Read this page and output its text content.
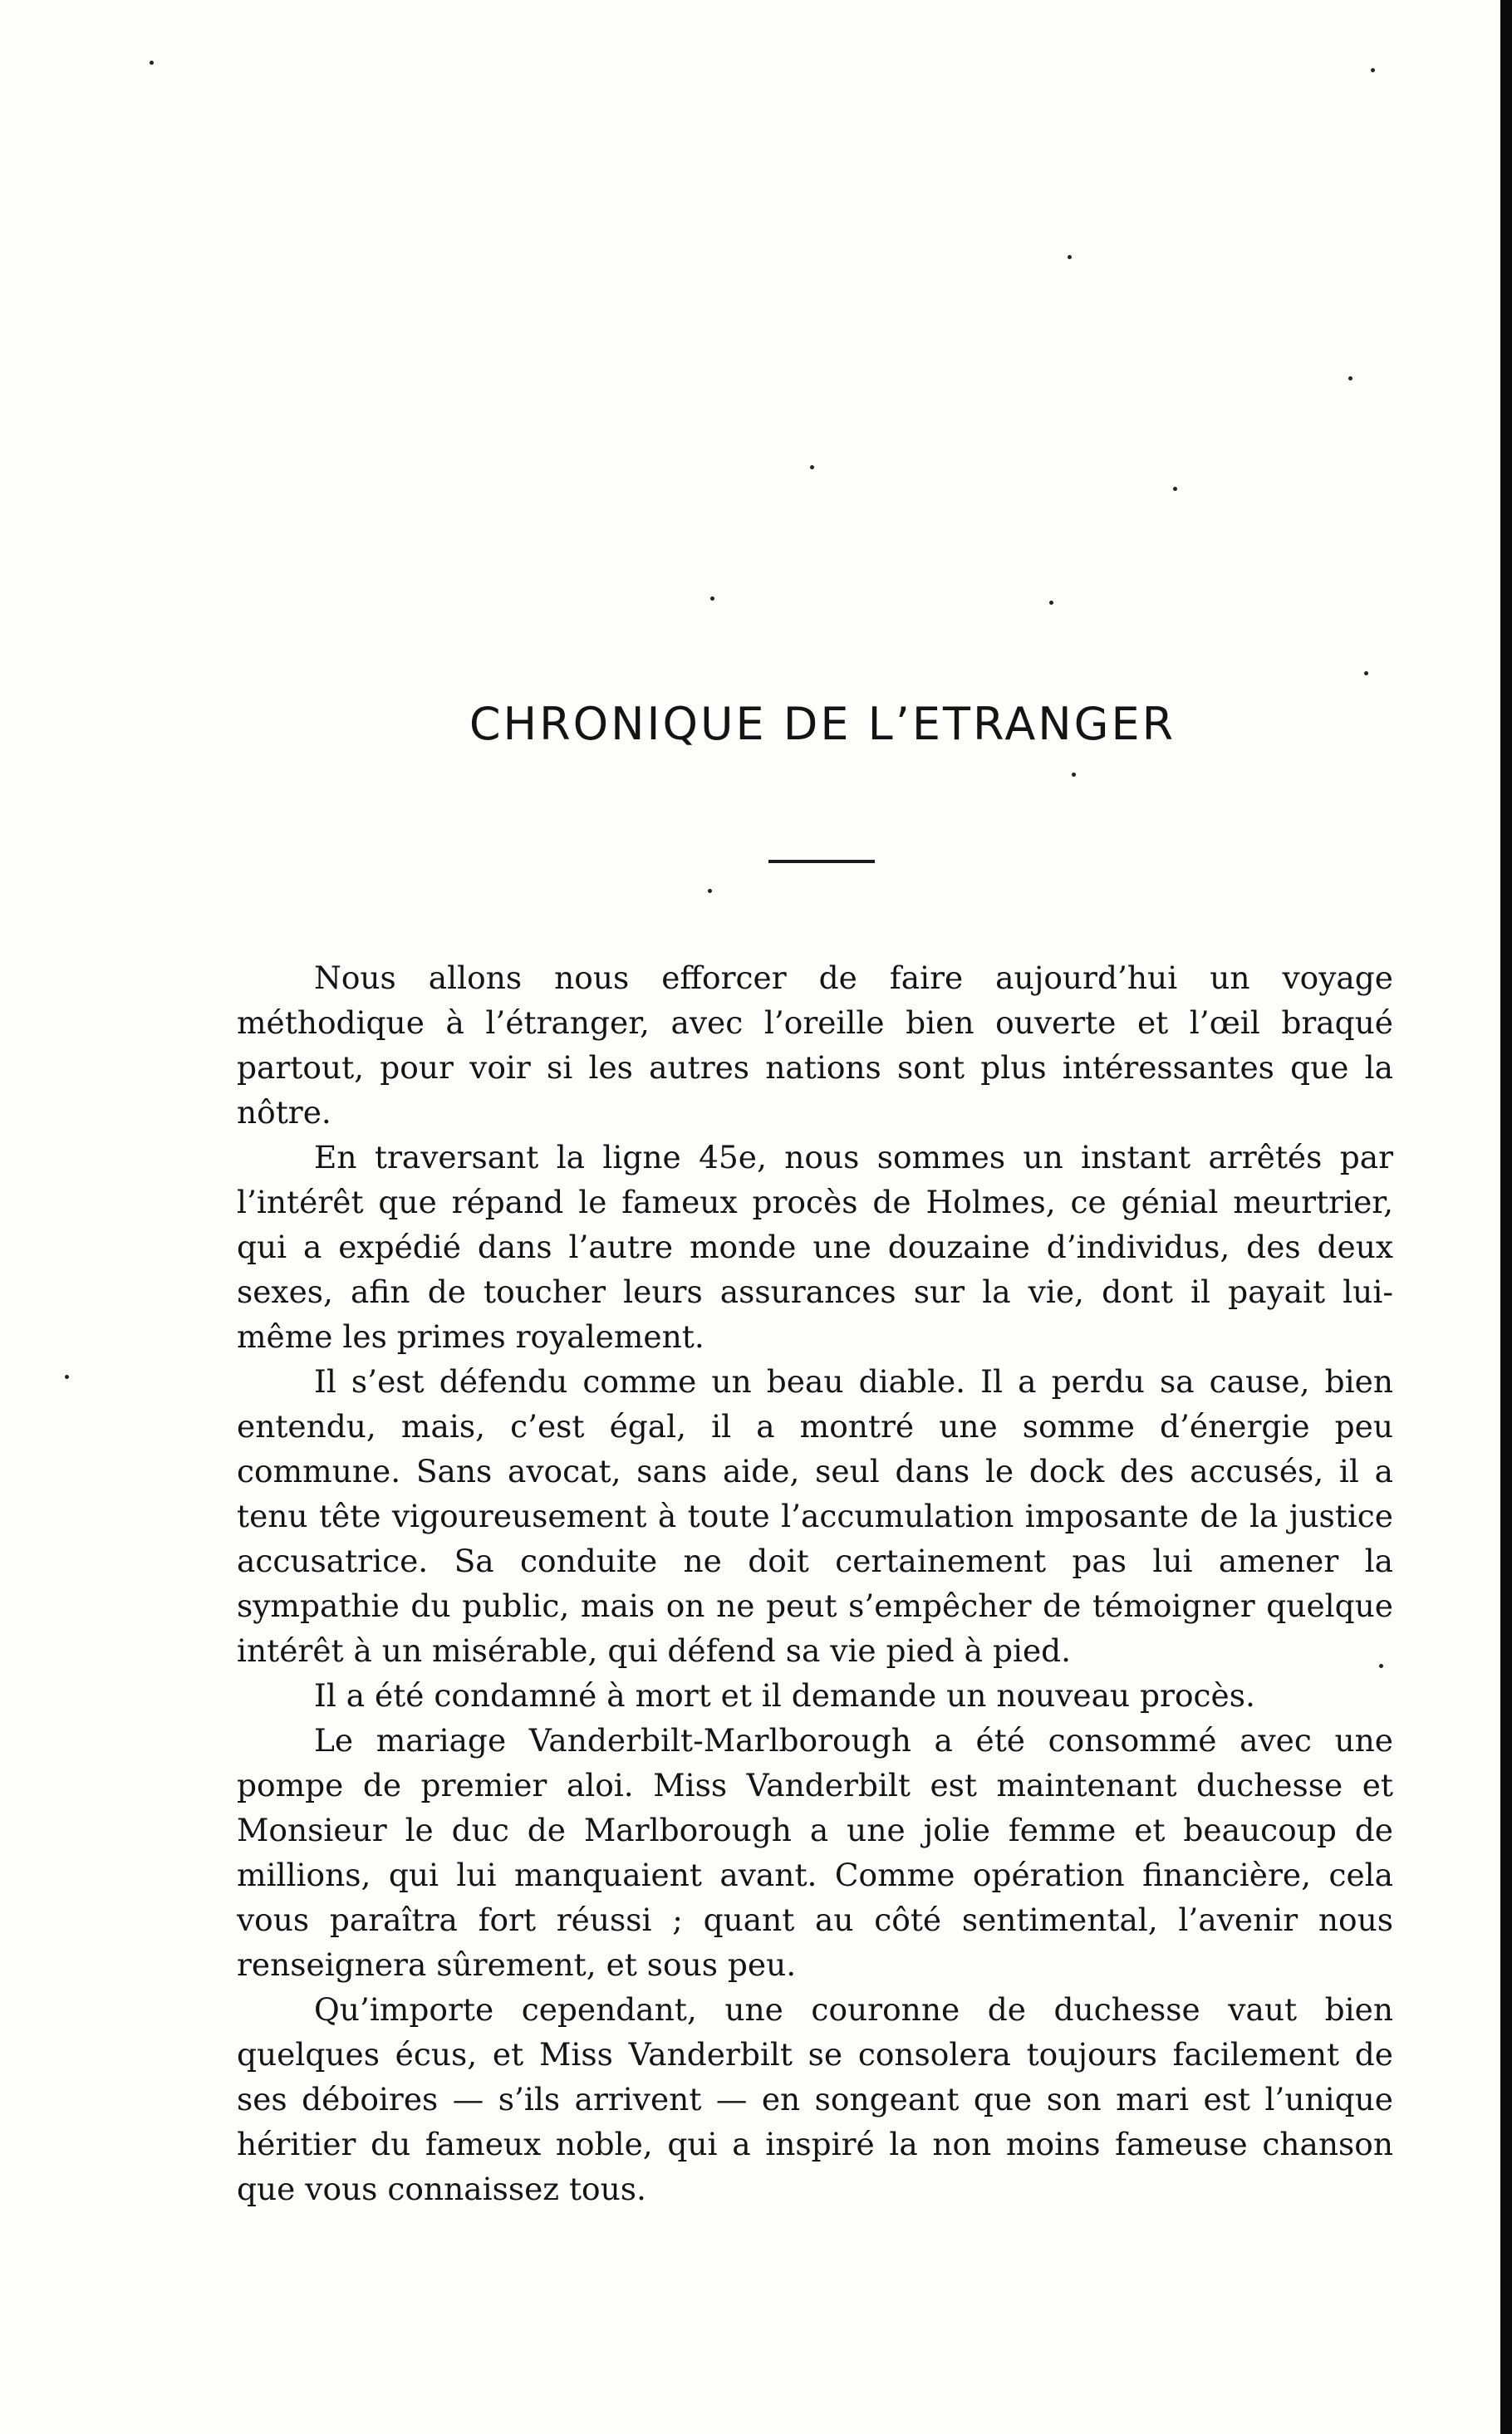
CHRONIQUE DE L’ETRANGER

Nous allons nous efforcer de faire aujourd’hui un voyage méthodique à l’étranger, avec l’oreille bien ouverte et l’œil braqué partout, pour voir si les autres nations sont plus intéressantes que la nôtre.

En traversant la ligne 45e, nous sommes un instant arrêtés par l’intérêt que répand le fameux procès de Holmes, ce génial meurtrier, qui a expédié dans l’autre monde une douzaine d’individus, des deux sexes, afin de toucher leurs assurances sur la vie, dont il payait lui-même les primes royalement.

Il s’est défendu comme un beau diable. Il a perdu sa cause, bien entendu, mais, c’est égal, il a montré une somme d’énergie peu commune. Sans avocat, sans aide, seul dans le dock des accusés, il a tenu tête vigoureusement à toute l’accumulation imposante de la justice accusatrice. Sa conduite ne doit certainement pas lui amener la sympathie du public, mais on ne peut s’empêcher de témoigner quelque intérêt à un misérable, qui défend sa vie pied à pied.

Il a été condamné à mort et il demande un nouveau procès.

Le mariage Vanderbilt-Marlborough a été consommé avec une pompe de premier aloi. Miss Vanderbilt est maintenant duchesse et Monsieur le duc de Marlborough a une jolie femme et beaucoup de millions, qui lui manquaient avant. Comme opération financière, cela vous paraîtra fort réussi ; quant au côté sentimental, l’avenir nous renseignera sûrement, et sous peu.

Qu’importe cependant, une couronne de duchesse vaut bien quelques écus, et Miss Vanderbilt se consolera toujours facilement de ses déboires — s’ils arrivent — en songeant que son mari est l’unique héritier du fameux noble, qui a inspiré la non moins fameuse chanson que vous connaissez tous.
